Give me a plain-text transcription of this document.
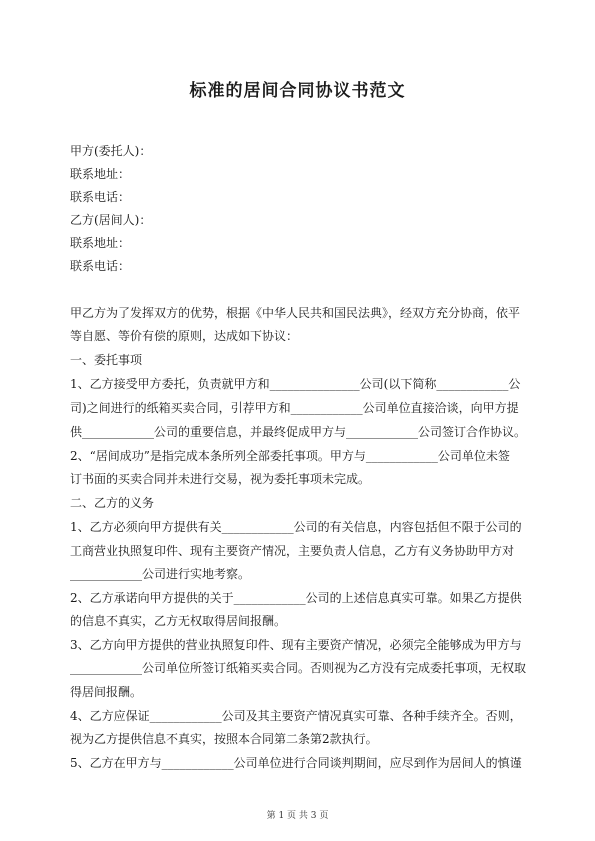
标准的居间合同协议书范文
甲方(委托人)：
联系地址：
联系电话：
乙方(居间人)：
联系地址：
联系电话：
甲乙方为了发挥双方的优势，根据《中华人民共和国民法典》，经双方充分协商，依平
等自愿、等价有偿的原则，达成如下协议：
一、委托事项
1、乙方接受甲方委托，负责就甲方和_______________公司(以下简称____________公
司)之间进行的纸箱买卖合同，引荐甲方和____________公司单位直接洽谈，向甲方提
供____________公司的重要信息，并最终促成甲方与____________公司签订合作协议。
2、“居间成功”是指完成本条所列全部委托事项。甲方与____________公司单位未签
订书面的买卖合同并未进行交易，视为委托事项未完成。
二、乙方的义务
1、乙方必须向甲方提供有关____________公司的有关信息，内容包括但不限于公司的
工商营业执照复印件、现有主要资产情况，主要负责人信息，乙方有义务协助甲方对
____________公司进行实地考察。
2、乙方承诺向甲方提供的关于____________公司的上述信息真实可靠。如果乙方提供
的信息不真实，乙方无权取得居间报酬。
3、乙方向甲方提供的营业执照复印件、现有主要资产情况，必须完全能够成为甲方与
____________公司单位所签订纸箱买卖合同。否则视为乙方没有完成委托事项，无权取
得居间报酬。
4、乙方应保证____________公司及其主要资产情况真实可靠、各种手续齐全。否则，
视为乙方提供信息不真实，按照本合同第二条第2款执行。
5、乙方在甲方与____________公司单位进行合同谈判期间，应尽到作为居间人的慎谨
第 1 页 共 3 页
